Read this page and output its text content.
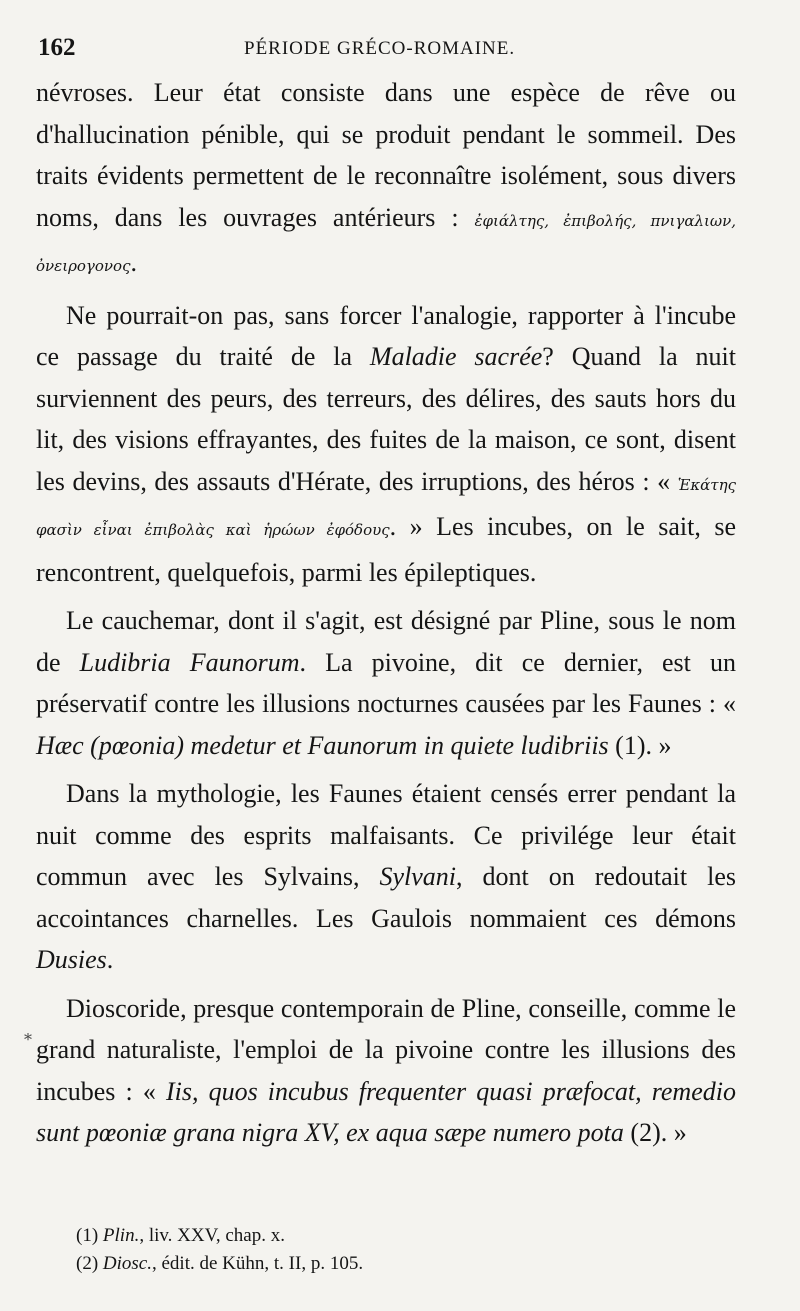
162	PÉRIODE GRÉCO-ROMAINE.

névroses. Leur état consiste dans une espèce de rêve ou d'hallucination pénible, qui se produit pendant le sommeil. Des traits évidents permettent de le reconnaître isolément, sous divers noms, dans les ouvrages antérieurs : ἐφιάλτης, ἐπιβολής, πνιγαλιων, ὀνειρογονος.

Ne pourrait-on pas, sans forcer l'analogie, rapporter à l'incube ce passage du traité de la Maladie sacrée? Quand la nuit surviennent des peurs, des terreurs, des délires, des sauts hors du lit, des visions effrayantes, des fuites de la maison, ce sont, disent les devins, des assauts d'Hérate, des irruptions, des héros : « Ἑκάτης φασὶν εἶναι ἐπιβολὰς καὶ ἡρώων ἐφόδους. » Les incubes, on le sait, se rencontrent, quelquefois, parmi les épileptiques.

Le cauchemar, dont il s'agit, est désigné par Pline, sous le nom de Ludibria Faunorum. La pivoine, dit ce dernier, est un préservatif contre les illusions nocturnes causées par les Faunes : « Hæc (pœonia) medetur et Faunorum in quiete ludibriis (1). »

Dans la mythologie, les Faunes étaient censés errer pendant la nuit comme des esprits malfaisants. Ce privilége leur était commun avec les Sylvains, Sylvani, dont on redoutait les accointances charnelles. Les Gaulois nommaient ces démons Dusies.

Dioscoride, presque contemporain de Pline, conseille, comme le grand naturaliste, l'emploi de la pivoine contre les illusions des incubes : « Iis, quos incubus frequenter quasi præfocat, remedio sunt pœoniæ grana nigra XV, ex aqua sæpe numero pota (2). »

*

(1) Plin., liv. XXV, chap. x.

(2) Diosc., édit. de Kühn, t. II, p. 105.
